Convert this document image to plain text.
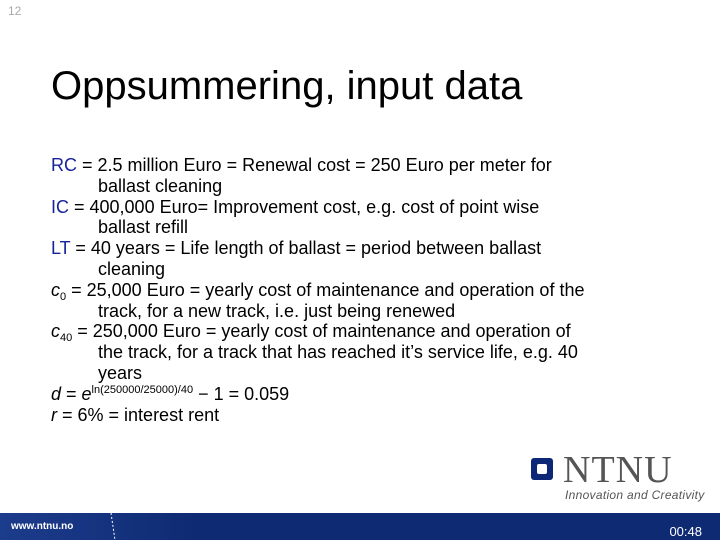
12
Oppsummering, input data

RC = 2.5 million Euro = Renewal cost = 250 Euro per meter for
ballast cleaning

IC = 400,000 Euro= Improvement cost, e.g. cost of point wise
ballast refill

LT = 40 years = Life length of ballast = period between ballast
cleaning

$c_0 = 25,000$ Euro = yearly cost of maintenance and operation of the
track, for a new track, i.e. just being renewed

$c_{40} = 250,000$ Euro = yearly cost of maintenance and operation of
the track, for a track that has reached it’s service life, e.g. 40
years

$d = e^{ln(250000/25000)/40} - 1 = 0.059$

r = 6% = interest rent

NTNU
Innovation and Creativity
www.ntnu.no	00:48
